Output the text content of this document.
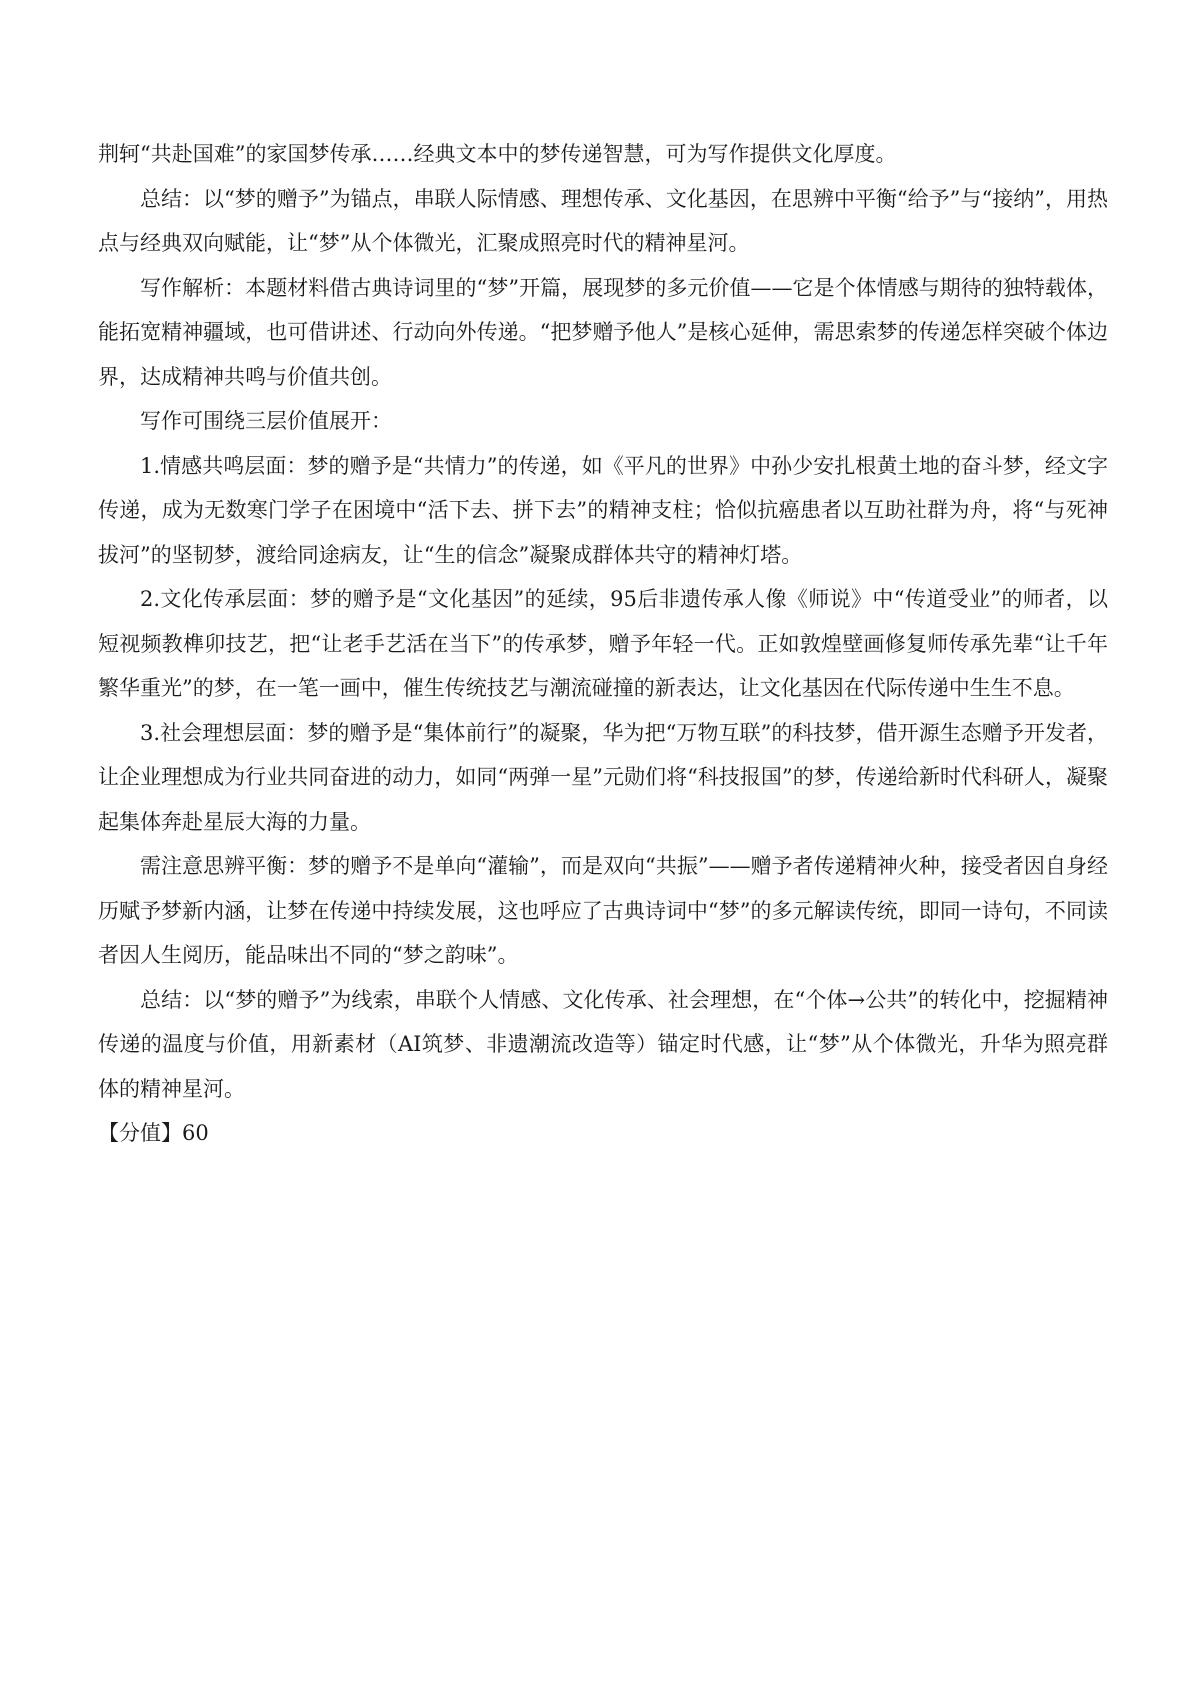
荆轲“共赴国难”的家国梦传承……经典文本中的梦传递智慧，可为写作提供文化厚度。

总结：以“梦的赠予”为锚点，串联人际情感、理想传承、文化基因，在思辨中平衡“给予”与“接纳”，用热点与经典双向赋能，让“梦”从个体微光，汇聚成照亮时代的精神星河。

写作解析：本题材料借古典诗词里的“梦”开篇，展现梦的多元价值——它是个体情感与期待的独特载体，能拓宽精神疆域，也可借讲述、行动向外传递。“把梦赠予他人”是核心延伸，需思索梦的传递怎样突破个体边界，达成精神共鸣与价值共创。

写作可围绕三层价值展开：

1.情感共鸣层面：梦的赠予是“共情力”的传递，如《平凡的世界》中孙少安扎根黄土地的奋斗梦，经文字传递，成为无数寒门学子在困境中“活下去、拼下去”的精神支柱；恰似抗癌患者以互助社群为舟，将“与死神拔河”的坚韧梦，渡给同途病友，让“生的信念”凝聚成群体共守的精神灯塔。

2.文化传承层面：梦的赠予是“文化基因”的延续，95后非遗传承人像《师说》中“传道受业”的师者，以短视频教榫卯技艺，把“让老手艺活在当下”的传承梦，赠予年轻一代。正如敦煌壁画修复师传承先辈“让千年繁华重光”的梦，在一笔一画中，催生传统技艺与潮流碰撞的新表达，让文化基因在代际传递中生生不息。

3.社会理想层面：梦的赠予是“集体前行”的凝聚，华为把“万物互联”的科技梦，借开源生态赠予开发者，让企业理想成为行业共同奋进的动力，如同“两弹一星”元勋们将“科技报国”的梦，传递给新时代科研人，凝聚起集体奔赴星辰大海的力量。

需注意思辨平衡：梦的赠予不是单向“灌输”，而是双向“共振”——赠予者传递精神火种，接受者因自身经历赋予梦新内涵，让梦在传递中持续发展，这也呼应了古典诗词中“梦”的多元解读传统，即同一诗句，不同读者因人生阅历，能品味出不同的“梦之韵味”。

总结：以“梦的赠予”为线索，串联个人情感、文化传承、社会理想，在“个体→公共”的转化中，挖掘精神传递的温度与价值，用新素材（AI筑梦、非遗潮流改造等）锚定时代感，让“梦”从个体微光，升华为照亮群体的精神星河。

【分值】60
